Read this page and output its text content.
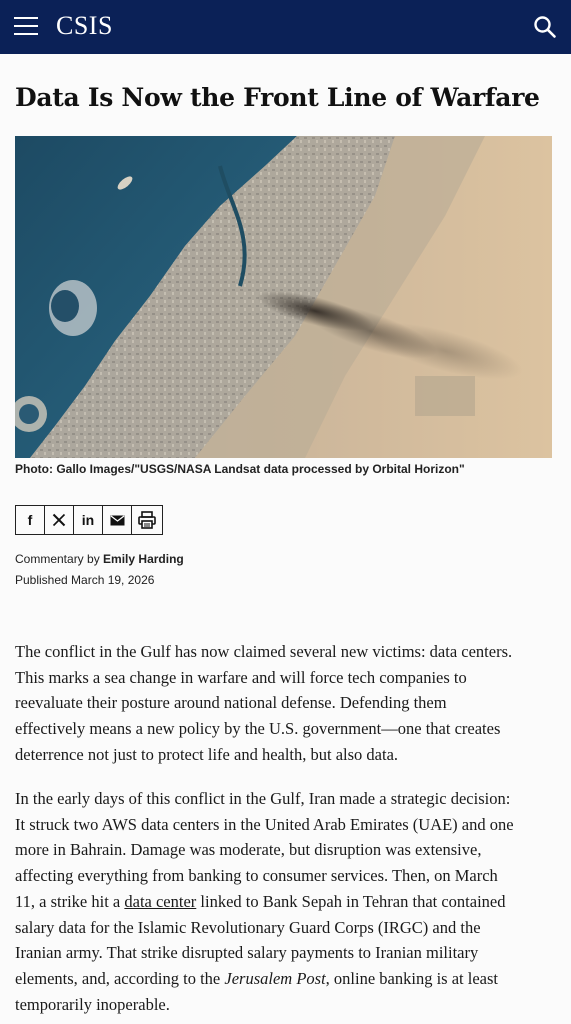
CSIS
Data Is Now the Front Line of Warfare
Photo: Gallo Images/"USGS/NASA Landsat data processed by Orbital Horizon"
f	in
Commentary by Emily Harding
Published March 19, 2026
The conflict in the Gulf has now claimed several new victims: data centers.
This marks a sea change in warfare and will force tech companies to
reevaluate their posture around national defense. Defending them
effectively means a new policy by the U.S. government—one that creates
deterrence not just to protect life and health, but also data.
In the early days of this conflict in the Gulf, Iran made a strategic decision:
It struck two AWS data centers in the United Arab Emirates (UAE) and one
more in Bahrain. Damage was moderate, but disruption was extensive,
affecting everything from banking to consumer services. Then, on March
11, a strike hit a data center linked to Bank Sepah in Tehran that contained
salary data for the Islamic Revolutionary Guard Corps (IRGC) and the
Iranian army. That strike disrupted salary payments to Iranian military
elements, and, according to the Jerusalem Post, online banking is at least
temporarily inoperable.
